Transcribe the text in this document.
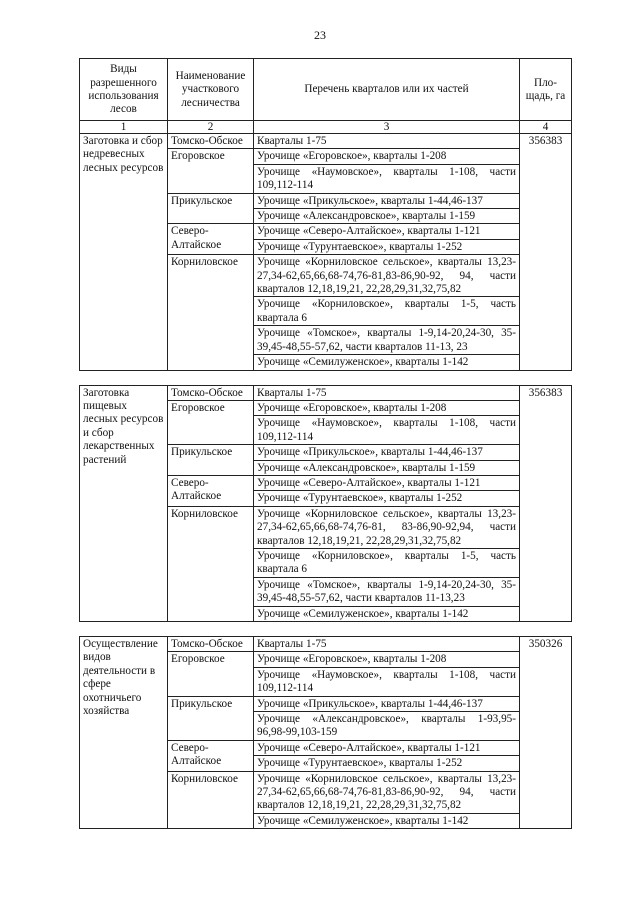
23
Виды разрешенного использования лесов	Наименование участкового лесничества	Перечень кварталов или их частей	Пло-щадь, га
1	2	3	4
Заготовка и сбор недревесных лесных ресурсов	Томско-Обское	Кварталы 1-75	356383
	Егоровское	Урочище «Егоровское», кварталы 1-208	
		Урочище «Наумовское», кварталы 1-108, части 109,112-114	
	Прикульское	Урочище «Прикульское», кварталы 1-44,46-137	
		Урочище «Александровское», кварталы 1-159	
	Северо-Алтайское	Урочище «Северо-Алтайское», кварталы 1-121	
		Урочище «Турунтаевское», кварталы 1-252	
	Корниловское	Урочище «Корниловское сельское», кварталы 13,23-27,34-62,65,66,68-74,76-81,83-86,90-92, 94, части кварталов 12,18,19,21, 22,28,29,31,32,75,82	
		Урочище «Корниловское», кварталы 1-5, часть квартала 6	
		Урочище «Томское», кварталы 1-9,14-20,24-30, 35-39,45-48,55-57,62, части кварталов 11-13, 23	
		Урочище «Семилуженское», кварталы 1-142	

Заготовка пищевых лесных ресурсов и сбор лекарственных растений	Томско-Обское	Кварталы 1-75	356383
	Егоровское	Урочище «Егоровское», кварталы 1-208	
		Урочище «Наумовское», кварталы 1-108, части 109,112-114	
	Прикульское	Урочище «Прикульское», кварталы 1-44,46-137	
		Урочище «Александровское», кварталы 1-159	
	Северо-Алтайское	Урочище «Северо-Алтайское», кварталы 1-121	
		Урочище «Турунтаевское», кварталы 1-252	
	Корниловское	Урочище «Корниловское сельское», кварталы 13,23-27,34-62,65,66,68-74,76-81, 83-86,90-92,94, части кварталов 12,18,19,21, 22,28,29,31,32,75,82	
		Урочище «Корниловское», кварталы 1-5, часть квартала 6	
		Урочище «Томское», кварталы 1-9,14-20,24-30, 35-39,45-48,55-57,62, части кварталов 11-13,23	
		Урочище «Семилуженское», кварталы 1-142	

Осуществление видов деятельности в сфере охотничьего хозяйства	Томско-Обское	Кварталы 1-75	350326
	Егоровское	Урочище «Егоровское», кварталы 1-208	
		Урочище «Наумовское», кварталы 1-108, части 109,112-114	
	Прикульское	Урочище «Прикульское», кварталы 1-44,46-137	
		Урочище «Александровское», кварталы 1-93,95-96,98-99,103-159	
	Северо-Алтайское	Урочище «Северо-Алтайское», кварталы 1-121	
		Урочище «Турунтаевское», кварталы 1-252	
	Корниловское	Урочище «Корниловское сельское», кварталы 13,23-27,34-62,65,66,68-74,76-81,83-86,90-92, 94, части кварталов 12,18,19,21, 22,28,29,31,32,75,82	
		Урочище «Семилуженское», кварталы 1-142	
